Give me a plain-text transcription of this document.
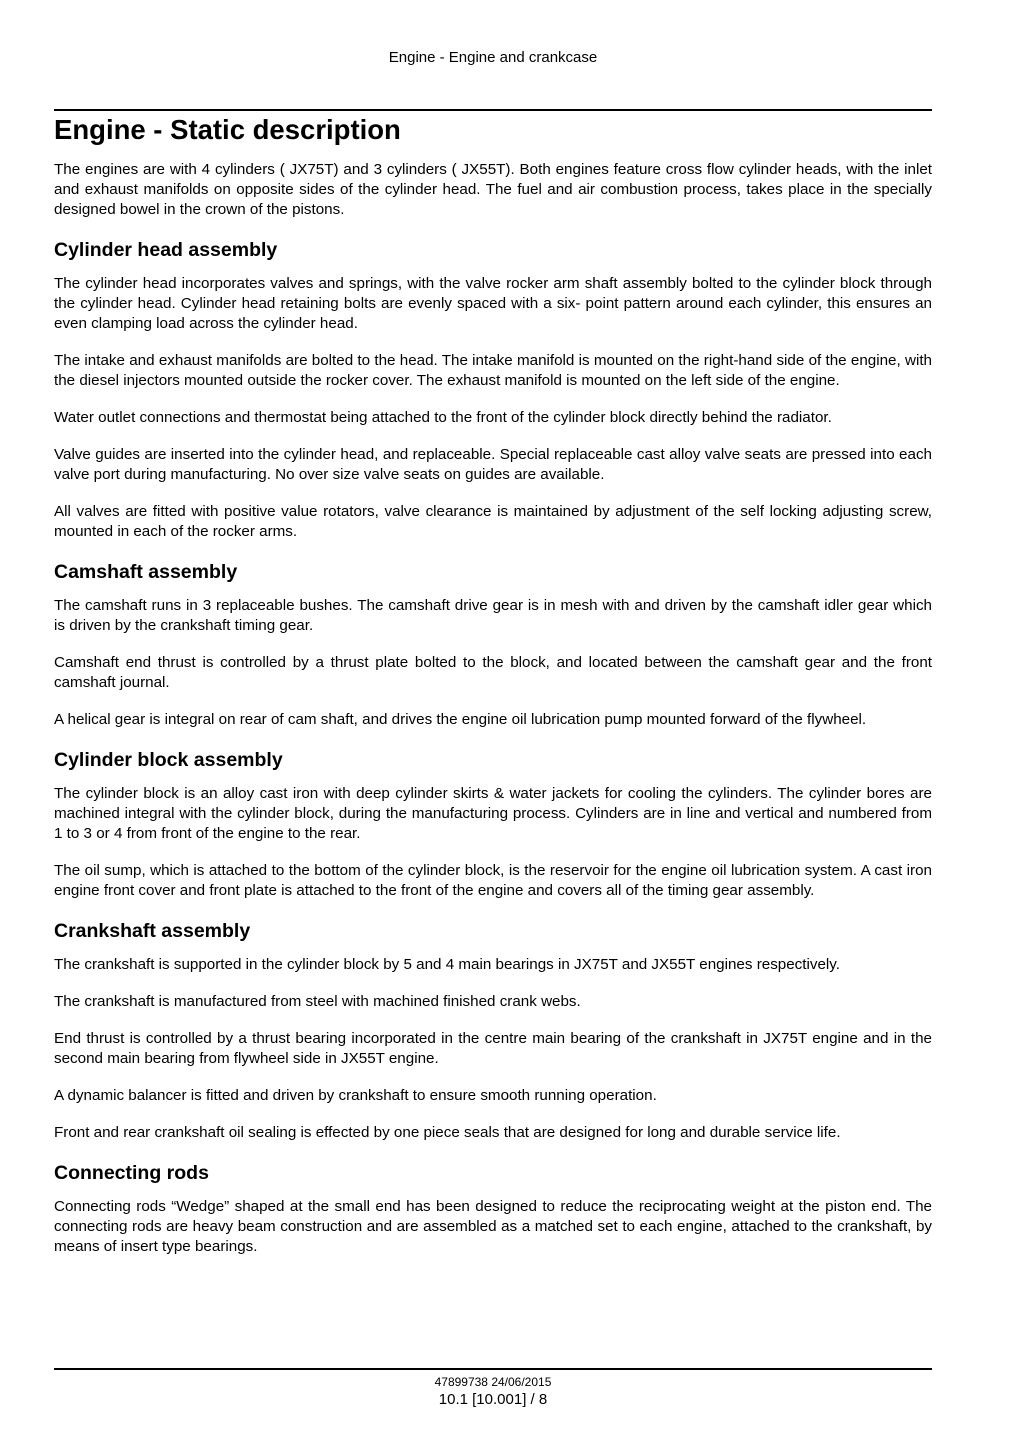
Engine - Engine and crankcase
Engine - Static description

The engines are with 4 cylinders ( JX75T) and 3 cylinders ( JX55T). Both engines feature cross flow cylinder heads, with the inlet and exhaust manifolds on opposite sides of the cylinder head. The fuel and air combustion process, takes place in the specially designed bowel in the crown of the pistons.

Cylinder head assembly

The cylinder head incorporates valves and springs, with the valve rocker arm shaft assembly bolted to the cylinder block through the cylinder head. Cylinder head retaining bolts are evenly spaced with a six- point pattern around each cylinder, this ensures an even clamping load across the cylinder head.

The intake and exhaust manifolds are bolted to the head. The intake manifold is mounted on the right-hand side of the engine, with the diesel injectors mounted outside the rocker cover. The exhaust manifold is mounted on the left side of the engine.

Water outlet connections and thermostat being attached to the front of the cylinder block directly behind the radiator.

Valve guides are inserted into the cylinder head, and replaceable. Special replaceable cast alloy valve seats are pressed into each valve port during manufacturing. No over size valve seats on guides are available.

All valves are fitted with positive value rotators, valve clearance is maintained by adjustment of the self locking adjusting screw, mounted in each of the rocker arms.

Camshaft assembly

The camshaft runs in 3 replaceable bushes. The camshaft drive gear is in mesh with and driven by the camshaft idler gear which is driven by the crankshaft timing gear.

Camshaft end thrust is controlled by a thrust plate bolted to the block, and located between the camshaft gear and the front camshaft journal.

A helical gear is integral on rear of cam shaft, and drives the engine oil lubrication pump mounted forward of the flywheel.

Cylinder block assembly

The cylinder block is an alloy cast iron with deep cylinder skirts & water jackets for cooling the cylinders. The cylinder bores are machined integral with the cylinder block, during the manufacturing process. Cylinders are in line and vertical and numbered from 1 to 3 or 4 from front of the engine to the rear.

The oil sump, which is attached to the bottom of the cylinder block, is the reservoir for the engine oil lubrication system. A cast iron engine front cover and front plate is attached to the front of the engine and covers all of the timing gear assembly.

Crankshaft assembly

The crankshaft is supported in the cylinder block by 5 and 4 main bearings in JX75T and JX55T engines respectively.

The crankshaft is manufactured from steel with machined finished crank webs.

End thrust is controlled by a thrust bearing incorporated in the centre main bearing of the crankshaft in JX75T engine and in the second main bearing from flywheel side in JX55T engine.

A dynamic balancer is fitted and driven by crankshaft to ensure smooth running operation.

Front and rear crankshaft oil sealing is effected by one piece seals that are designed for long and durable service life.

Connecting rods

Connecting rods “Wedge” shaped at the small end has been designed to reduce the reciprocating weight at the piston end. The connecting rods are heavy beam construction and are assembled as a matched set to each engine, attached to the crankshaft, by means of insert type bearings.

47899738 24/06/2015
10.1 [10.001] / 8
